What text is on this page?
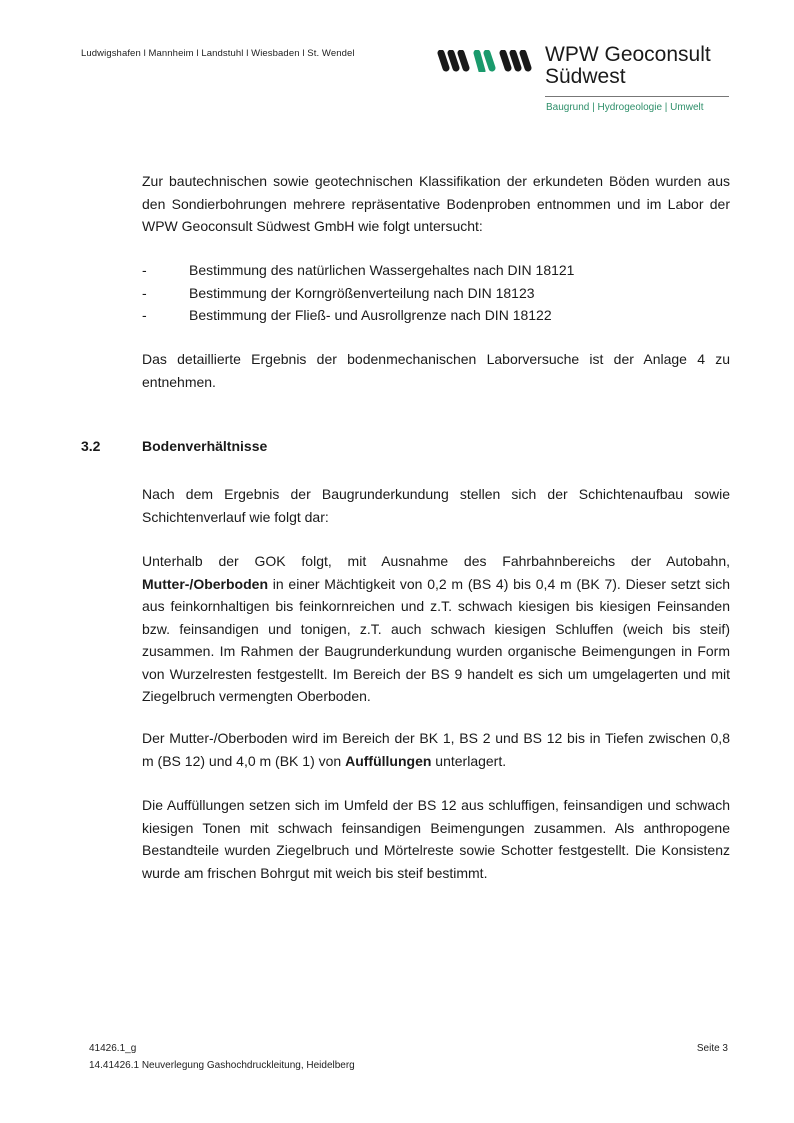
Ludwigshafen l Mannheim l Landstuhl l Wiesbaden l St. Wendel	WPW Geoconsult
Südwest
Baugrund | Hydrogeologie | Umwelt
Zur bautechnischen sowie geotechnischen Klassifikation der erkundeten Böden wurden aus den Sondierbohrungen mehrere repräsentative Bodenproben entnommen und im Labor der WPW Geoconsult Südwest GmbH wie folgt untersucht:
-	Bestimmung des natürlichen Wassergehaltes nach DIN 18121
-	Bestimmung der Korngrößenverteilung nach DIN 18123
-	Bestimmung der Fließ- und Ausrollgrenze nach DIN 18122
Das detaillierte Ergebnis der bodenmechanischen Laborversuche ist der Anlage 4 zu entnehmen.
3.2	Bodenverhältnisse
Nach dem Ergebnis der Baugrunderkundung stellen sich der Schichtenaufbau sowie Schichtenverlauf wie folgt dar:
Unterhalb der GOK folgt, mit Ausnahme des Fahrbahnbereichs der Autobahn, Mutter-/Oberboden in einer Mächtigkeit von 0,2 m (BS 4) bis 0,4 m (BK 7). Dieser setzt sich aus feinkornhaltigen bis feinkornreichen und z.T. schwach kiesigen bis kiesigen Feinsanden bzw. feinsandigen und tonigen, z.T. auch schwach kiesigen Schluffen (weich bis steif) zusammen. Im Rahmen der Baugrunderkundung wurden organische Beimengungen in Form von Wurzelresten festgestellt. Im Bereich der BS 9 handelt es sich um umgelagerten und mit Ziegelbruch vermengten Oberboden.
Der Mutter-/Oberboden wird im Bereich der BK 1, BS 2 und BS 12 bis in Tiefen zwischen 0,8 m (BS 12) und 4,0 m (BK 1) von Auffüllungen unterlagert.
Die Auffüllungen setzen sich im Umfeld der BS 12 aus schluffigen, feinsandigen und schwach kiesigen Tonen mit schwach feinsandigen Beimengungen zusammen. Als anthropogene Bestandteile wurden Ziegelbruch und Mörtelreste sowie Schotter festgestellt. Die Konsistenz wurde am frischen Bohrgut mit weich bis steif bestimmt.
41426.1_g
14.41426.1 Neuverlegung Gashochdruckleitung, Heidelberg
Seite 3
